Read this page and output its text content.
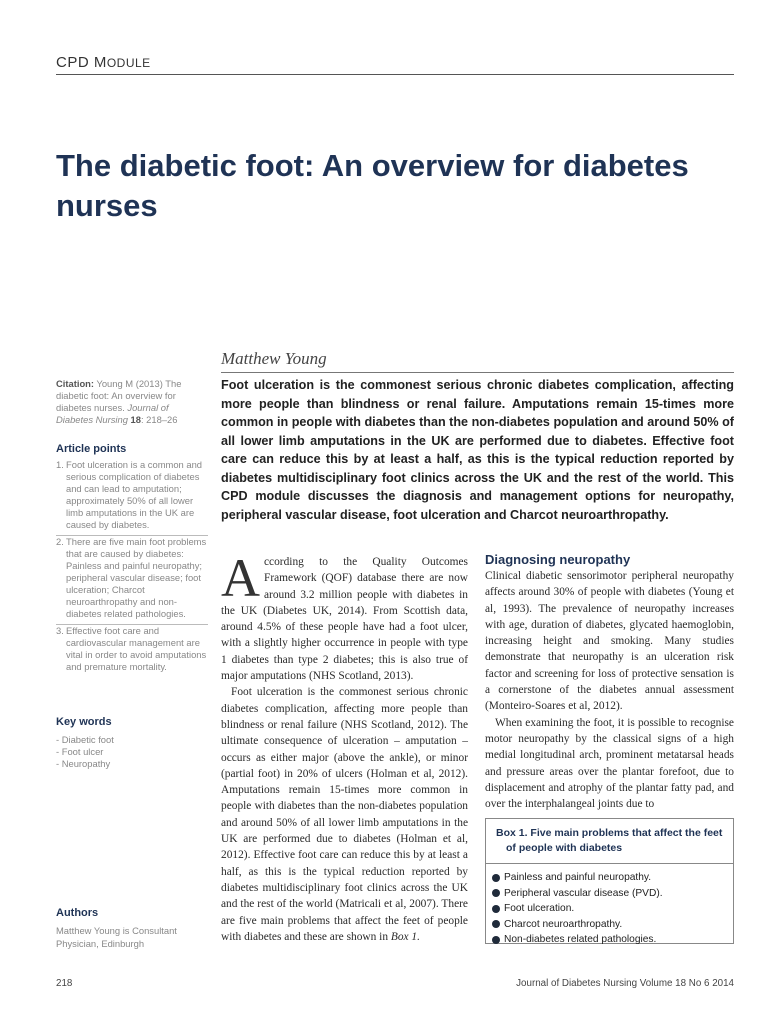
CPD MODULE
The diabetic foot: An overview for diabetes nurses
Matthew Young
Citation: Young M (2013) The diabetic foot: An overview for diabetes nurses. Journal of Diabetes Nursing 18: 218–26
Article points
1. Foot ulceration is a common and serious complication of diabetes and can lead to amputation; approximately 50% of all lower limb amputations in the UK are caused by diabetes.
2. There are five main foot problems that are caused by diabetes: Painless and painful neuropathy; peripheral vascular disease; foot ulceration; Charcot neuroarthropathy and non-diabetes related pathologies.
3. Effective foot care and cardiovascular management are vital in order to avoid amputations and premature mortality.
Key words
- Diabetic foot
- Foot ulcer
- Neuropathy
Authors
Matthew Young is Consultant Physician, Edinburgh

Foot ulceration is the commonest serious chronic diabetes complication, affecting more people than blindness or renal failure. Amputations remain 15-times more common in people with diabetes than the non-diabetes population and around 50% of all lower limb amputations in the UK are performed due to diabetes. Effective foot care can reduce this by at least a half, as this is the typical reduction reported by diabetes multidisciplinary foot clinics across the UK and the rest of the world. This CPD module discusses the diagnosis and management options for neuropathy, peripheral vascular disease, foot ulceration and Charcot neuroarthropathy.

According to the Quality Outcomes Framework (QOF) database there are now around 3.2 million people with diabetes in the UK (Diabetes UK, 2014). From Scottish data, around 4.5% of these people have had a foot ulcer, with a slightly higher occurrence in people with type 1 diabetes than type 2 diabetes; this is also true of major amputations (NHS Scotland, 2013).

Foot ulceration is the commonest serious chronic diabetes complication, affecting more people than blindness or renal failure (NHS Scotland, 2012). The ultimate consequence of ulceration – amputation – occurs as either major (above the ankle), or minor (partial foot) in 20% of ulcers (Holman et al, 2012). Amputations remain 15-times more common in people with diabetes than the non-diabetes population and around 50% of all lower limb amputations in the UK are performed due to diabetes (Holman et al, 2012). Effective foot care can reduce this by at least a half, as this is the typical reduction reported by diabetes multidisciplinary foot clinics across the UK and the rest of the world (Matricali et al, 2007). There are five main problems that affect the feet of people with diabetes and these are shown in Box 1.

Diagnosing neuropathy

Clinical diabetic sensorimotor peripheral neuropathy affects around 30% of people with diabetes (Young et al, 1993). The prevalence of neuropathy increases with age, duration of diabetes, glycated haemoglobin, increasing height and smoking. Many studies demonstrate that neuropathy is an ulceration risk factor and screening for loss of protective sensation is a cornerstone of the diabetes annual assessment (Monteiro-Soares et al, 2012).

When examining the foot, it is possible to recognise motor neuropathy by the classical signs of a high medial longitudinal arch, prominent metatarsal heads and pressure areas over the plantar forefoot, due to displacement and atrophy of the plantar fatty pad, and over the interphalangeal joints due to

Box 1. Five main problems that affect the feet
of people with diabetes
Painless and painful neuropathy.
Peripheral vascular disease (PVD).
Foot ulceration.
Charcot neuroarthropathy.
Non-diabetes related pathologies.
218	Journal of Diabetes Nursing Volume 18 No 6 2014
